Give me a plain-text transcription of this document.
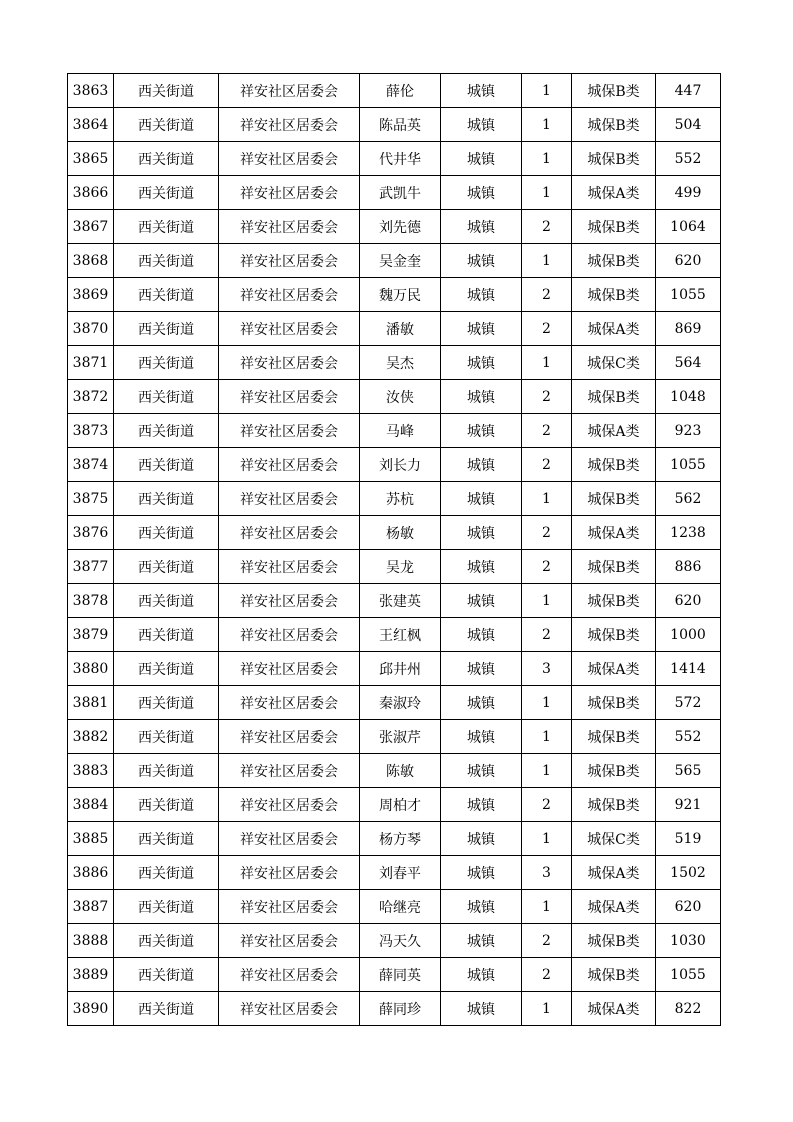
3863	西关街道	祥安社区居委会	薛伦	城镇	1	城保B类	447
3864	西关街道	祥安社区居委会	陈品英	城镇	1	城保B类	504
3865	西关街道	祥安社区居委会	代井华	城镇	1	城保B类	552
3866	西关街道	祥安社区居委会	武凯牛	城镇	1	城保A类	499
3867	西关街道	祥安社区居委会	刘先德	城镇	2	城保B类	1064
3868	西关街道	祥安社区居委会	吴金奎	城镇	1	城保B类	620
3869	西关街道	祥安社区居委会	魏万民	城镇	2	城保B类	1055
3870	西关街道	祥安社区居委会	潘敏	城镇	2	城保A类	869
3871	西关街道	祥安社区居委会	吴杰	城镇	1	城保C类	564
3872	西关街道	祥安社区居委会	汝侠	城镇	2	城保B类	1048
3873	西关街道	祥安社区居委会	马峰	城镇	2	城保A类	923
3874	西关街道	祥安社区居委会	刘长力	城镇	2	城保B类	1055
3875	西关街道	祥安社区居委会	苏杭	城镇	1	城保B类	562
3876	西关街道	祥安社区居委会	杨敏	城镇	2	城保A类	1238
3877	西关街道	祥安社区居委会	吴龙	城镇	2	城保B类	886
3878	西关街道	祥安社区居委会	张建英	城镇	1	城保B类	620
3879	西关街道	祥安社区居委会	王红枫	城镇	2	城保B类	1000
3880	西关街道	祥安社区居委会	邱井州	城镇	3	城保A类	1414
3881	西关街道	祥安社区居委会	秦淑玲	城镇	1	城保B类	572
3882	西关街道	祥安社区居委会	张淑芹	城镇	1	城保B类	552
3883	西关街道	祥安社区居委会	陈敏	城镇	1	城保B类	565
3884	西关街道	祥安社区居委会	周柏才	城镇	2	城保B类	921
3885	西关街道	祥安社区居委会	杨方琴	城镇	1	城保C类	519
3886	西关街道	祥安社区居委会	刘春平	城镇	3	城保A类	1502
3887	西关街道	祥安社区居委会	哈继亮	城镇	1	城保A类	620
3888	西关街道	祥安社区居委会	冯天久	城镇	2	城保B类	1030
3889	西关街道	祥安社区居委会	薛同英	城镇	2	城保B类	1055
3890	西关街道	祥安社区居委会	薛同珍	城镇	1	城保A类	822
